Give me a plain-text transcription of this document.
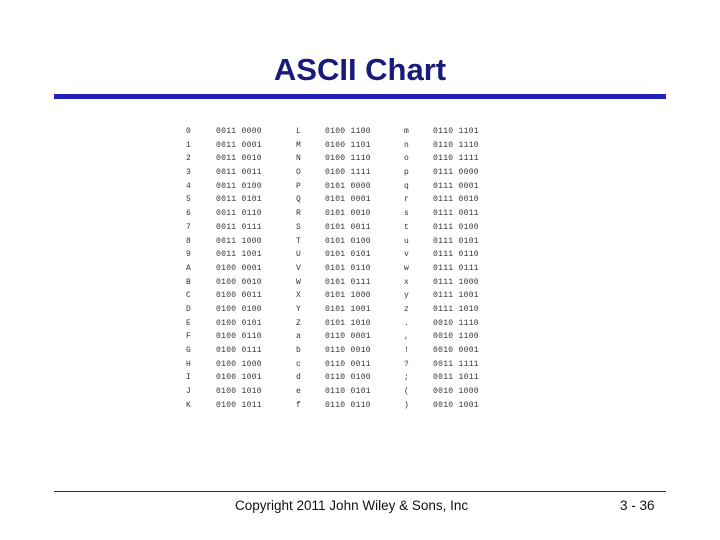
ASCII Chart
0
1
2
3
4
5
6
7
8
9
A
B
C
D
E
F
G
H
I
J
K
0011 0000
0011 0001
0011 0010
0011 0011
0011 0100
0011 0101
0011 0110
0011 0111
0011 1000
0011 1001
0100 0001
0100 0010
0100 0011
0100 0100
0100 0101
0100 0110
0100 0111
0100 1000
0100 1001
0100 1010
0100 1011
L
M
N
O
P
Q
R
S
T
U
V
W
X
Y
Z
a
b
c
d
e
f
0100 1100
0100 1101
0100 1110
0100 1111
0101 0000
0101 0001
0101 0010
0101 0011
0101 0100
0101 0101
0101 0110
0101 0111
0101 1000
0101 1001
0101 1010
0110 0001
0110 0010
0110 0011
0110 0100
0110 0101
0110 0110
m
n
o
p
q
r
s
t
u
v
w
x
y
z
.
,
!
?
;
(
)
0110 1101
0110 1110
0110 1111
0111 0000
0111 0001
0111 0010
0111 0011
0111 0100
0111 0101
0111 0110
0111 0111
0111 1000
0111 1001
0111 1010
0010 1110
0010 1100
0010 0001
0011 1111
0011 1011
0010 1000
0010 1001
Copyright 2011 John Wiley & Sons, Inc	3 - 36
